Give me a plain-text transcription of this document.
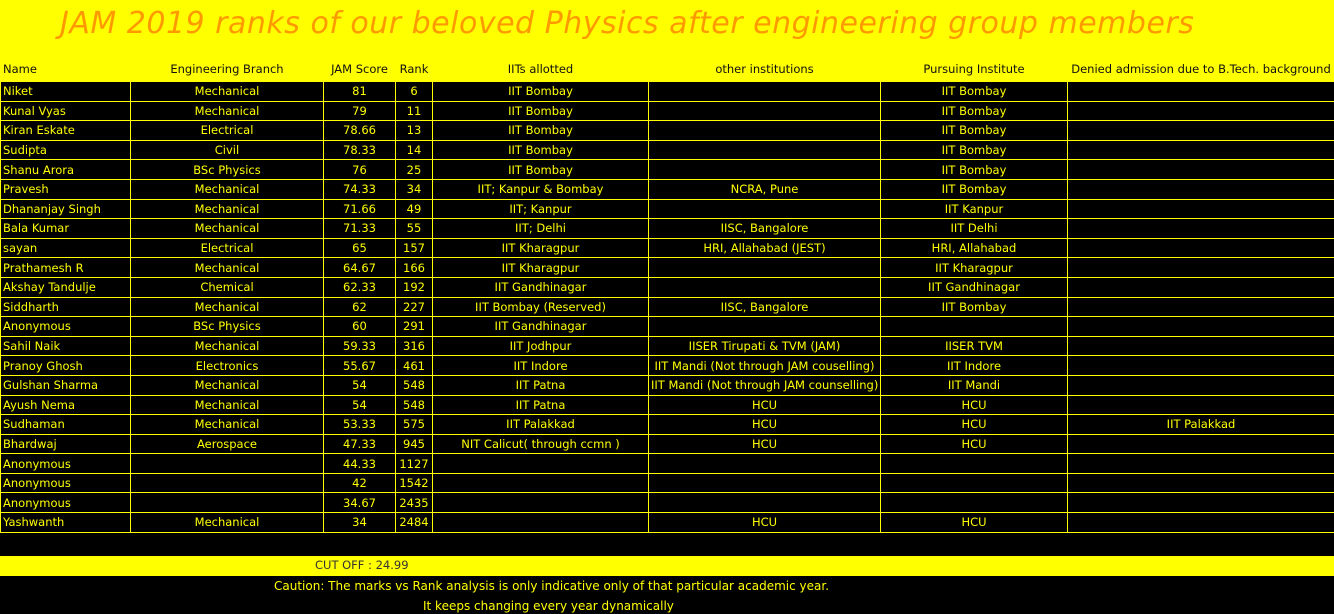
JAM 2019 ranks of our beloved Physics after engineering group members
Name	Engineering Branch	JAM Score	Rank	IITs allotted	other institutions	Pursuing Institute	Denied admission due to B.Tech. background
Niket	Mechanical	81	6	IIT Bombay		IIT Bombay	
Kunal Vyas	Mechanical	79	11	IIT Bombay		IIT Bombay	
Kiran Eskate	Electrical	78.66	13	IIT Bombay		IIT Bombay	
Sudipta	Civil	78.33	14	IIT Bombay		IIT Bombay	
Shanu Arora	BSc Physics	76	25	IIT Bombay		IIT Bombay	
Pravesh	Mechanical	74.33	34	IIT; Kanpur & Bombay	NCRA, Pune	IIT Bombay	
Dhananjay Singh	Mechanical	71.66	49	IIT; Kanpur		IIT Kanpur	
Bala Kumar	Mechanical	71.33	55	IIT; Delhi	IISC, Bangalore	IIT Delhi	
sayan	Electrical	65	157	IIT Kharagpur	HRI, Allahabad (JEST)	HRI, Allahabad	
Prathamesh R	Mechanical	64.67	166	IIT Kharagpur		IIT Kharagpur	
Akshay Tandulje	Chemical	62.33	192	IIT Gandhinagar		IIT Gandhinagar	
Siddharth	Mechanical	62	227	IIT Bombay (Reserved)	IISC, Bangalore	IIT Bombay	
Anonymous	BSc Physics	60	291	IIT Gandhinagar			
Sahil Naik	Mechanical	59.33	316	IIT Jodhpur	IISER Tirupati & TVM (JAM)	IISER TVM	
Pranoy Ghosh	Electronics	55.67	461	IIT Indore	IIT Mandi (Not through JAM couselling)	IIT Indore	
Gulshan Sharma	Mechanical	54	548	IIT Patna	IIT Mandi (Not through JAM counselling)	IIT Mandi	
Ayush Nema	Mechanical	54	548	IIT Patna	HCU	HCU	
Sudhaman	Mechanical	53.33	575	IIT Palakkad	HCU	HCU	IIT Palakkad
Bhardwaj	Aerospace	47.33	945	NIT Calicut( through ccmn )	HCU	HCU	
Anonymous		44.33	1127				
Anonymous		42	1542				
Anonymous		34.67	2435				
Yashwanth	Mechanical	34	2484		HCU	HCU	
CUT OFF : 24.99
Caution: The marks vs Rank analysis is only indicative only of that particular academic year.
It keeps changing every year dynamically
